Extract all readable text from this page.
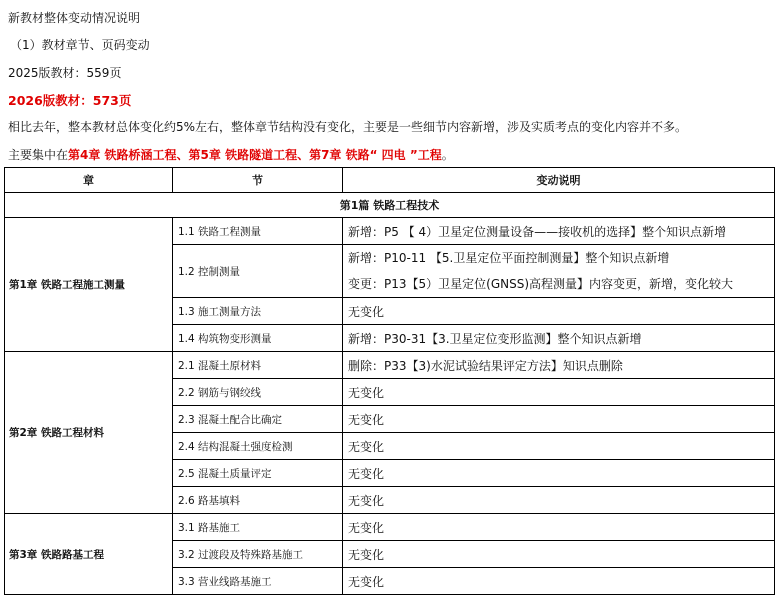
新教材整体变动情况说明
（1）教材章节、页码变动
2025版教材：559页
2026版教材：573页
相比去年，整本教材总体变化约5%左右，整体章节结构没有变化，主要是一些细节内容新增，涉及实质考点的变化内容并不多。
主要集中在第4章 铁路桥涵工程、第5章 铁路隧道工程、第7章 铁路“ 四电 ”工程。
章	节	变动说明
第1篇 铁路工程技术		
第1章 铁路工程施工测量	1.1 铁路工程测量	新增：P5 【 4）卫星定位测量设备——接收机的选择】整个知识点新增
	1.2 控制测量	新增：P10-11 【5.卫星定位平面控制测量】整个知识点新增
变更：P13【5）卫星定位(GNSS)高程测量】内容变更，新增，变化较大

	1.3 施工测量方法	无变化
	1.4 构筑物变形测量	新增：P30-31【3.卫星定位变形监测】整个知识点新增
第2章 铁路工程材料	2.1 混凝土原材料	删除：P33【3)水泥试验结果评定方法】知识点删除
	2.2 钢筋与钢绞线	无变化
	2.3 混凝土配合比确定	无变化
	2.4 结构混凝土强度检测	无变化
	2.5 混凝土质量评定	无变化
	2.6 路基填料	无变化
第3章 铁路路基工程	3.1 路基施工	无变化
	3.2 过渡段及特殊路基施工	无变化
	3.3 营业线路基施工	无变化
